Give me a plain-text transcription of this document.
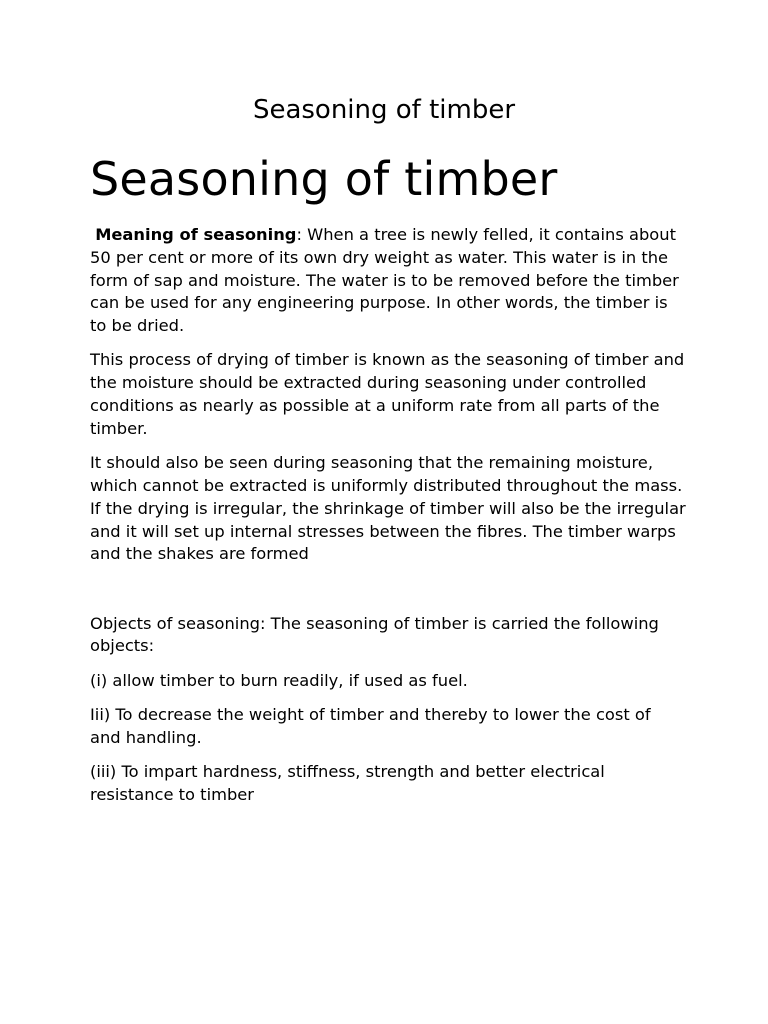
Seasoning of timber
Seasoning of timber

Meaning of seasoning: When a tree is newly felled, it contains about 50 per cent or more of its own dry weight as water. This water is in the form of sap and moisture. The water is to be removed before the timber can be used for any engineering purpose. In other words, the timber is to be dried.

This process of drying of timber is known as the seasoning of timber and the moisture should be extracted during seasoning under controlled conditions as nearly as possible at a uniform rate from all parts of the timber.

It should also be seen during seasoning that the remaining moisture, which cannot be extracted is uniformly distributed throughout the mass. If the drying is irregular, the shrinkage of timber will also be the irregular and it will set up internal stresses between the fibres. The timber warps and the shakes are formed

Objects of seasoning: The seasoning of timber is carried the following objects:

(i) allow timber to burn readily, if used as fuel.

Iii) To decrease the weight of timber and thereby to lower the cost of and handling.

(iii) To impart hardness, stiffness, strength and better electrical resistance to timber
